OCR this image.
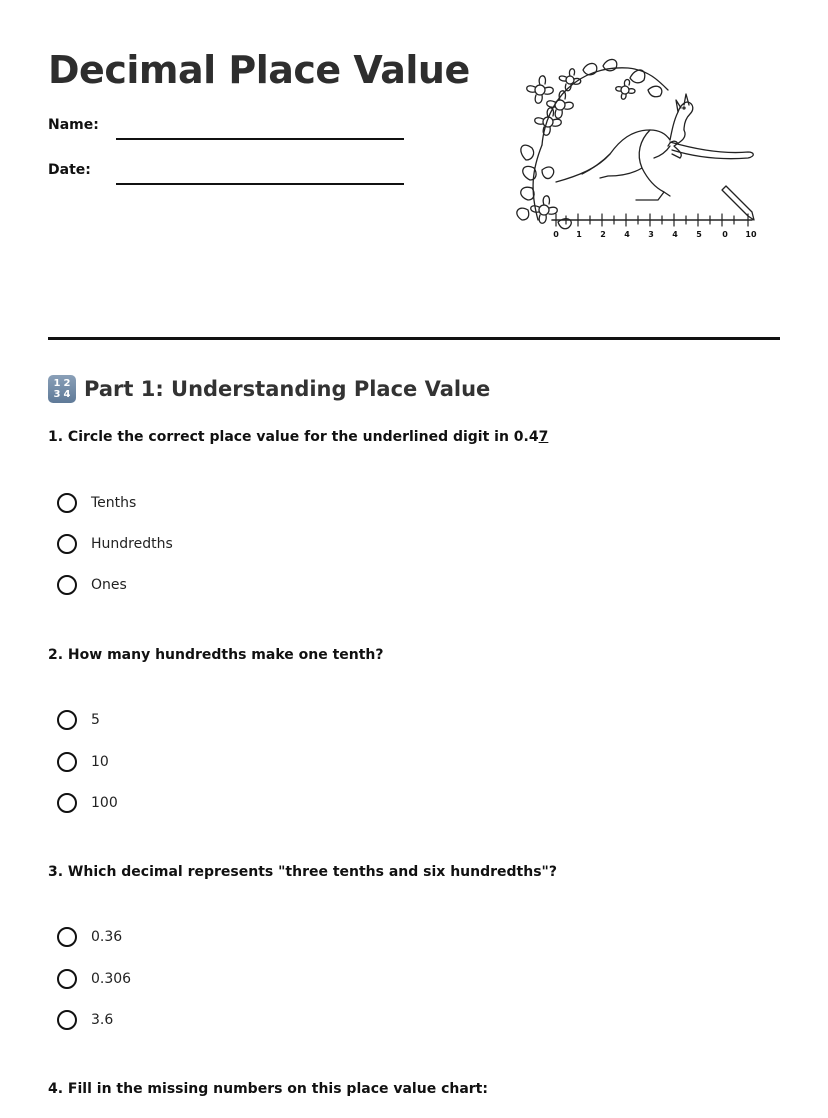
Decimal Place Value
Name:
Date:
0 1 2 4 3 4 5	0 10
1 2
3 4 Part 1: Understanding Place Value
1. Circle the correct place value for the underlined digit in 0.47
Tenths
Hundredths
Ones
2. How many hundredths make one tenth?
5
10
100
3. Which decimal represents "three tenths and six hundredths"?
0.36
0.306
3.6
4. Fill in the missing numbers on this place value chart:
